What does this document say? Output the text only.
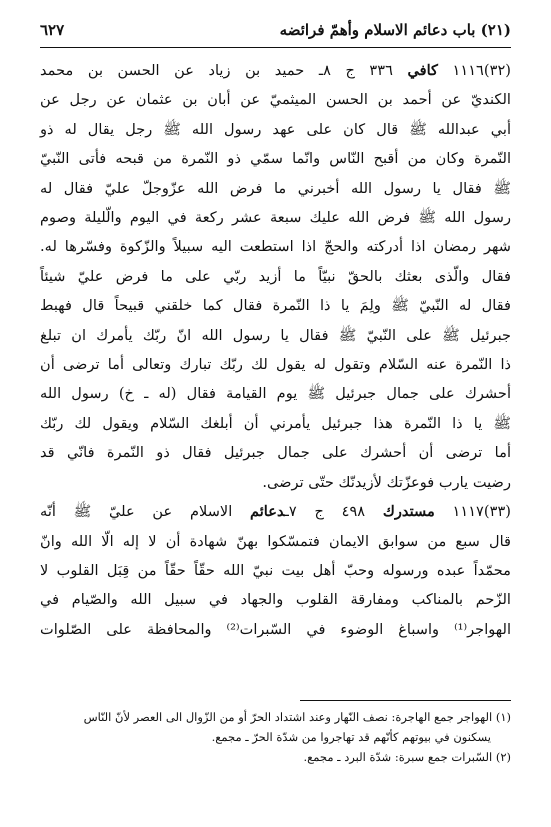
(٢١) باب دعائم الاسلام وأهمّ فرائضه
٦٢٧
(٣٢)١١١٦ كافي ٣٣٦ ج ٨ـ حميد بن زياد عن الحسن بن محمد
الكنديّ عن أحمد بن الحسن الميثميّ عن أبان بن عثمان عن رجل عن
أبي عبدالله ﷺ قال كان على عهد رسول الله ﷺ رجل يقال له ذو
النّمرة وكان من أقبح النّاس وانّما سمّي ذو النّمرة من قبحه فأتى النّبيّ
ﷺ فقال يا رسول الله أخبرني ما فرض الله عزّوجلّ عليّ فقال له
رسول الله ﷺ فرض الله عليك سبعة عشر ركعة في اليوم والّليلة وصوم
شهر رمضان اذا أدركته والحجّ اذا استطعت اليه سبيلاً والزّكوة وفسّرها له.
فقال والّذى بعثك بالحقّ نبيّاً ما أزيد ربّي على ما فرض عليّ شيئاً
فقال له النّبيّ ﷺ ولِمَ يا ذا النّمرة فقال كما خلقني قبيحاً قال فهبط
جبرئيل ﷺ على النّبيّ ﷺ فقال يا رسول الله انّ ربّك يأمرك ان تبلغ
ذا النّمرة عنه السّلام وتقول له يقول لك ربّك تبارك وتعالى أما ترضى أن
أحشرك على جمال جبرئيل ﷺ يوم القيامة فقال (له ـ خ) رسول الله
ﷺ يا ذا النّمرة هذا جبرئيل يأمرني أن أبلغك السّلام ويقول لك ربّك
أما ترضى أن أحشرك على جمال جبرئيل فقال ذو النّمرة فانّي قد
رضيت يارب فوعزّتك لأزيدنّك حتّى ترضى.
(٣٣)١١١٧ مستدرك ٤٩٨ ج ٧ـدعائم الاسلام عن عليّ ﷺ أنّه
قال سبع من سوابق الايمان فتمسّكوا بهنّ شهادة أن لا إله الّا الله وانّ
محمّداً عبده ورسوله وحبّ أهل بيت نبيّ الله حقّاً حقّاً من قِبَل القلوب لا
الزّحم بالمناكب ومفارقة القلوب والجهاد في سبيل الله والصّيام في
الهواجر⁽¹⁾ واسباغ الوضوء في السّبرات⁽²⁾ والمحافظة على الصّلوات
(١) الهواجر جمع الهاجرة: نصف النّهار وعند اشتداد الحرّ أو من الزّوال الى العصر لأنّ النّاس
يسكنون في بيوتهم كأنّهم قد تهاجروا من شدّة الحرّ ـ مجمع.
(٢) السّبرات جمع سبرة: شدّة البرد ـ مجمع.
